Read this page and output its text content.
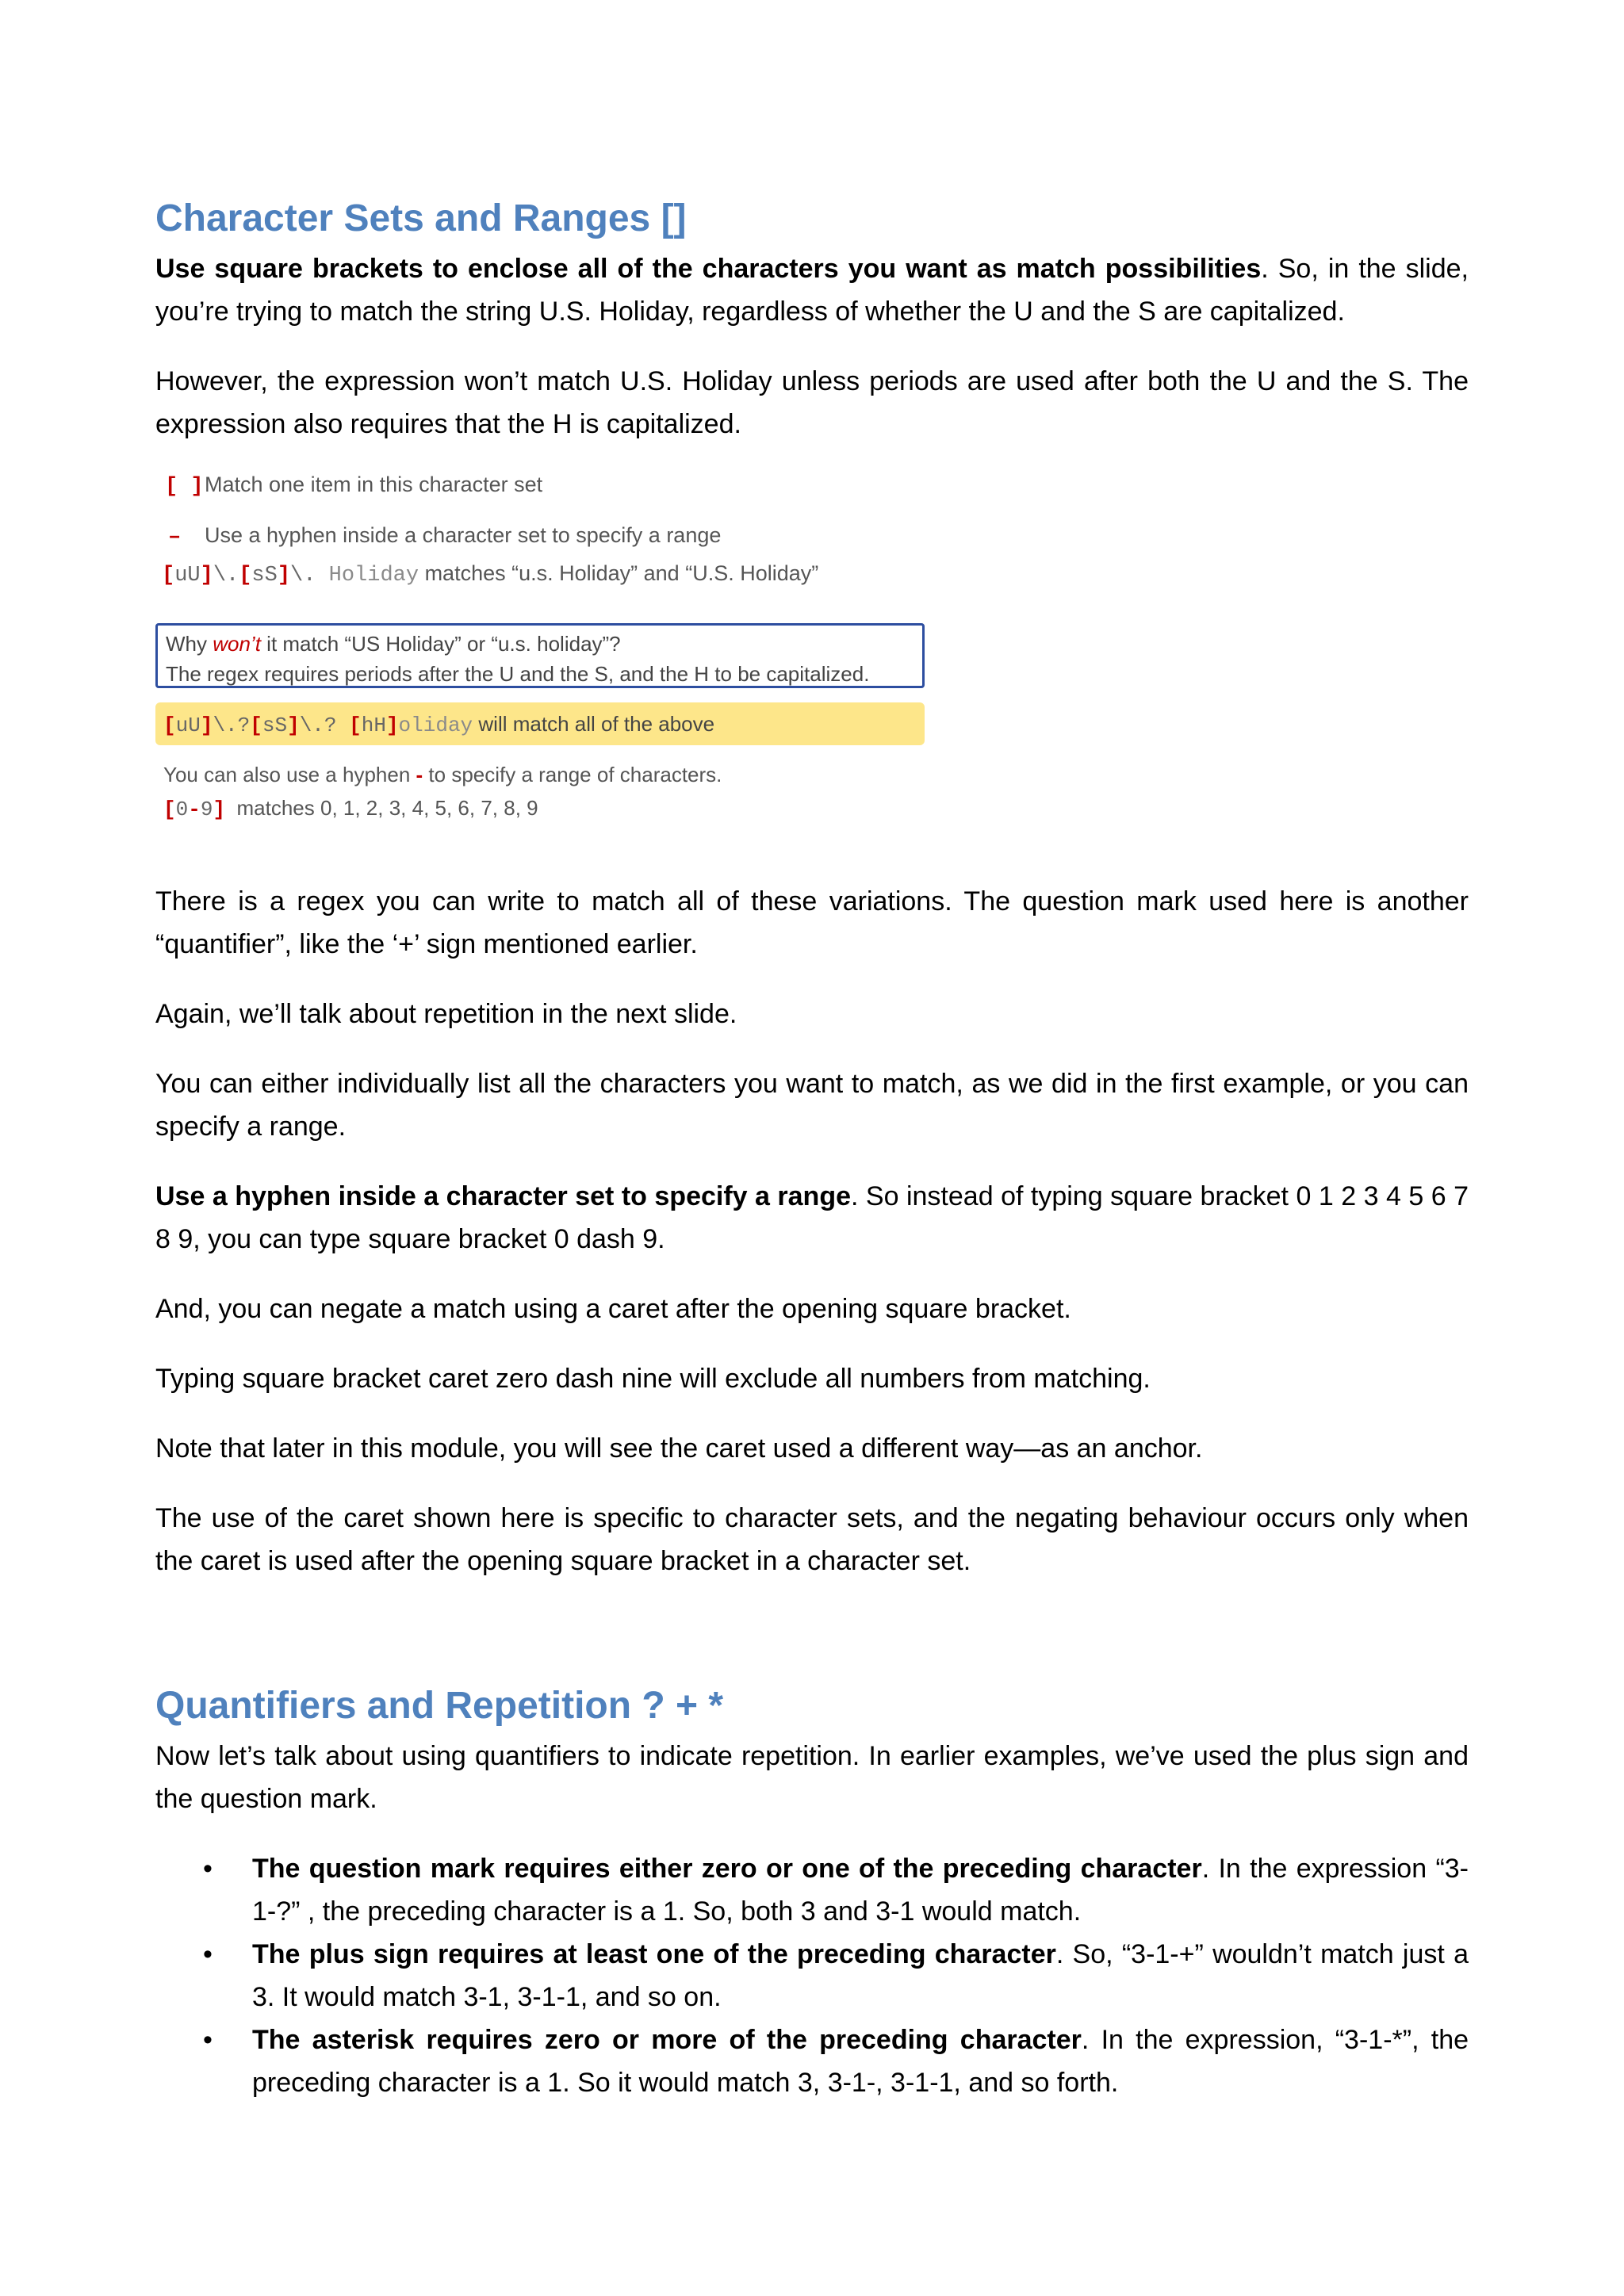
Character Sets and Ranges []

Use square brackets to enclose all of the characters you want as match possibilities. So, in the slide, you’re trying to match the string U.S. Holiday, regardless of whether the U and the S are capitalized.

However, the expression won’t match U.S. Holiday unless periods are used after both the U and the S. The expression also requires that the H is capitalized.

[ ]Match one item in this character set
– Use a hyphen inside a character set to specify a range
[uU]\.[sS]\. Holiday matches “u.s. Holiday” and “U.S. Holiday”
Why won’t it match “US Holiday” or “u.s. holiday”?
The regex requires periods after the U and the S, and the H to be capitalized.
[uU]\.?[sS]\.? [hH]oliday will match all of the above
You can also use a hyphen - to specify a range of characters.
[0-9] matches 0, 1, 2, 3, 4, 5, 6, 7, 8, 9

There is a regex you can write to match all of these variations. The question mark used here is another “quantifier”, like the ‘+’ sign mentioned earlier.

Again, we’ll talk about repetition in the next slide.

You can either individually list all the characters you want to match, as we did in the first example, or you can specify a range.

Use a hyphen inside a character set to specify a range. So instead of typing square bracket 0 1 2 3 4 5 6 7 8 9, you can type square bracket 0 dash 9.

And, you can negate a match using a caret after the opening square bracket.

Typing square bracket caret zero dash nine will exclude all numbers from matching.

Note that later in this module, you will see the caret used a different way—as an anchor.

The use of the caret shown here is specific to character sets, and the negating behaviour occurs only when the caret is used after the opening square bracket in a character set.

Quantifiers and Repetition ? + *

Now let’s talk about using quantifiers to indicate repetition. In earlier examples, we’ve used the plus sign and the question mark.

• The question mark requires either zero or one of the preceding character. In the expression “3-1-?” , the preceding character is a 1. So, both 3 and 3-1 would match.
• The plus sign requires at least one of the preceding character. So, “3-1-+” wouldn’t match just a 3. It would match 3-1, 3-1-1, and so on.
• The asterisk requires zero or more of the preceding character. In the expression, “3-1-*”, the preceding character is a 1. So it would match 3, 3-1-, 3-1-1, and so forth.
